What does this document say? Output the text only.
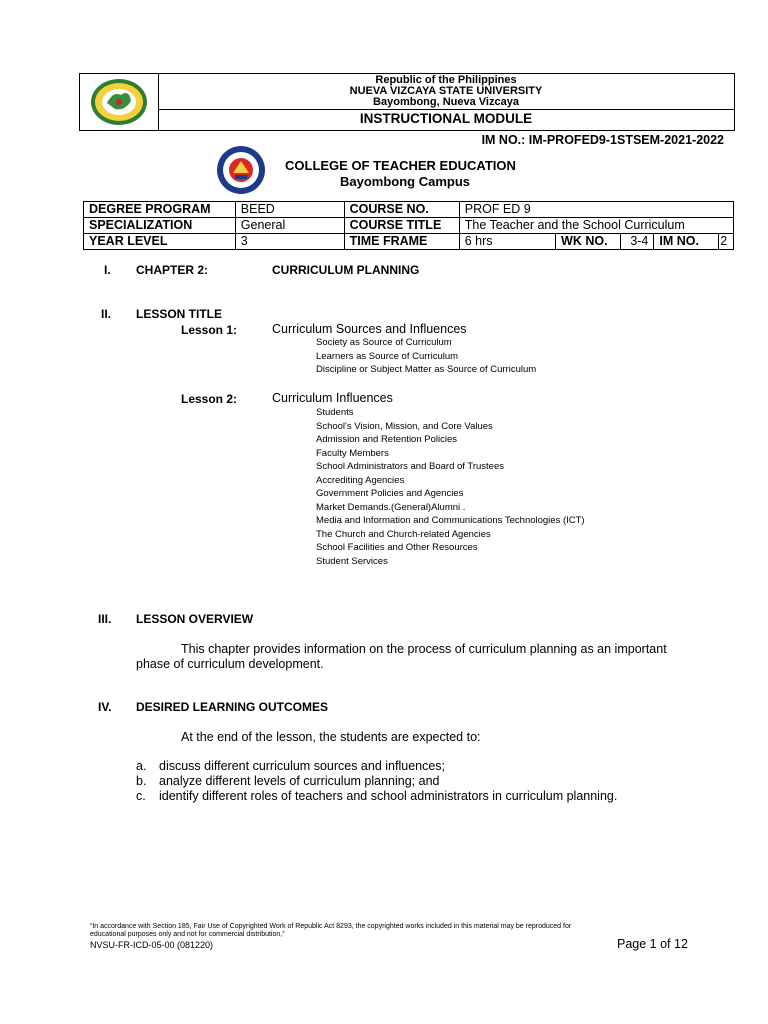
Republic of the Philippines
NUEVA VIZCAYA STATE UNIVERSITY
Bayombong, Nueva Vizcaya
INSTRUCTIONAL MODULE
IM NO.: IM-PROFED9-1STSEM-2021-2022
COLLEGE OF TEACHER EDUCATION
Bayombong Campus
DEGREE PROGRAM	BEED	COURSE NO.	PROF ED 9				
SPECIALIZATION	General	COURSE TITLE	The Teacher and the School Curriculum				
YEAR LEVEL	3	TIME FRAME	6 hrs	WK NO.	3-4	IM NO.	2
I. CHAPTER 2:	CURRICULUM PLANNING
II. LESSON TITLE
Lesson 1:	Curriculum Sources and Influences
Society as Source of Curriculum
Learners as Source of Curriculum
Discipline or Subject Matter as Source of Curriculum
Lesson 2:	Curriculum Influences
Students
School's Vision, Mission, and Core Values
Admission and Retention Policies
Faculty Members
School Administrators and Board of Trustees
Accrediting Agencies
Government Policies and Agencies
Market Demands.(General)Alumni .
Media and Information and Communications Technologies (ICT)
The Church and Church-related Agencies
School Facilities and Other Resources
Student Services
III. LESSON OVERVIEW
This chapter provides information on the process of curriculum planning as an important
phase of curriculum development.
IV. DESIRED LEARNING OUTCOMES
At the end of the lesson, the students are expected to:
a. discuss different curriculum sources and influences;
b. analyze different levels of curriculum planning; and
c. identify different roles of teachers and school administrators in curriculum planning.
“In accordance with Section 185, Fair Use of Copyrighted Work of Republic Act 8293, the copyrighted works included in this material may be reproduced for
educational purposes only and not for commercial distribution,”
NVSU-FR-ICD-05-00 (081220)	Page 1 of 12
